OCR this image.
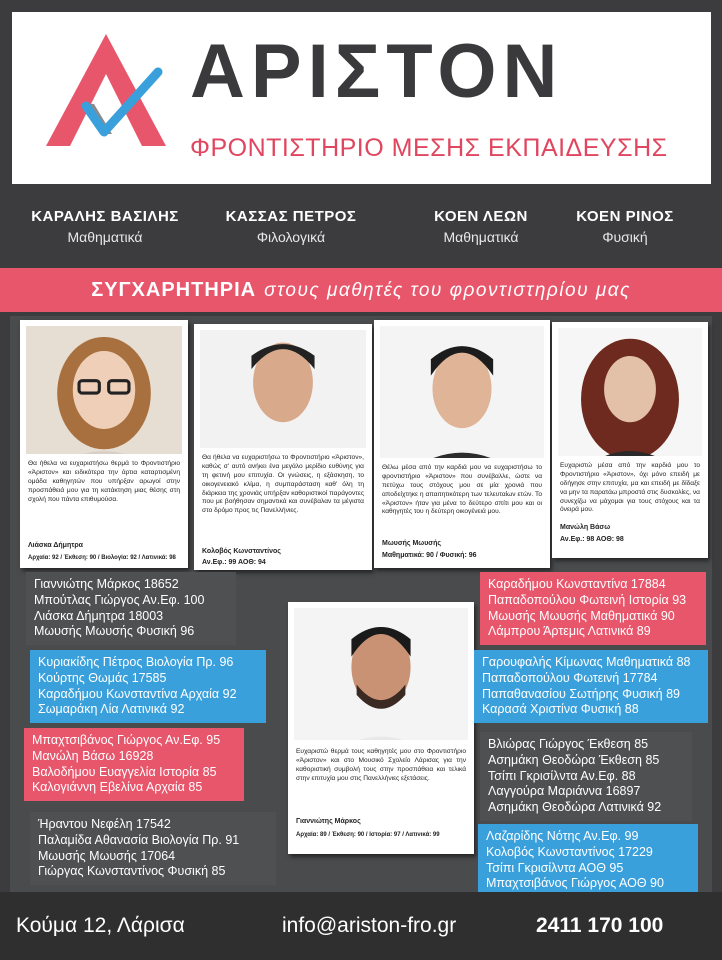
ΑΡΙΣΤΟΝ
ΦΡΟΝΤΙΣΤΗΡΙΟ ΜΕΣΗΣ ΕΚΠΑΙΔΕΥΣΗΣ
ΚΑΡΑΛΗΣ ΒΑΣΙΛΗΣ
Μαθηματικά
ΚΑΣΣΑΣ ΠΕΤΡΟΣ
Φιλολογικά
ΚΟΕΝ ΛΕΩΝ
Μαθηματικά
ΚΟΕΝ ΡΙΝΟΣ
Φυσική
ΣΥΓΧΑΡΗΤΗΡΙΑ στους μαθητές του φροντιστηρίου μας
Θα ήθελα να ευχαριστήσω θερμά το Φροντιστήριο «Άριστον» και ειδικότερα την άρτια καταρτισμένη ομάδα καθηγητών που υπήρξαν αρωγοί στην προσπάθειά μου για τη κατάκτηση μιας θέσης στη σχολή που πάντα επιθυμούσα.
Λιάσκα Δήμητρα
Αρχαία: 92 / Έκθεση: 90 / Βιολογία: 92 / Λατινικά: 98
Θα ήθελα να ευχαριστήσω το Φροντιστήριο «Άριστον», καθώς σ' αυτό ανήκει ένα μεγάλο μερίδιο ευθύνης για τη φετινή μου επιτυχία. Οι γνώσεις, η εξάσκηση, το οικογενειακό κλίμα, η συμπαράσταση καθ' όλη τη διάρκεια της χρονιάς υπήρξαν καθοριστικοί παράγοντες που με βοήθησαν σημαντικά και συνέβαλαν τα μέγιστα στο δρόμο προς τις Πανελλήνιες.
Κολοβός Κωνσταντίνος
Αν.Εφ.: 99 ΑΟΘ: 94
Θέλω μέσα από την καρδιά μου να ευχαριστήσω το φροντιστήριο «Άριστον» που συνέβαλλε, ώστε να πετύχω τους στόχους μου σε μία χρονιά που αποδείχτηκε η απαιτητικότερη των τελευταίων ετών. Το «Άριστον» ήταν για μένα το δεύτερο σπίτι μου και οι καθηγητές του η δεύτερη οικογένειά μου.
Μωυσής Μωυσής
Μαθηματικά: 90 / Φυσική: 96
Ευχαριστώ μέσα από την καρδιά μου το Φροντιστήριο «Άριστον», όχι μόνο επειδή με οδήγησε στην επιτυχία, μα και επειδή με δίδαξε να μην τα παρατάω μπροστά στις δυσκολίες, να συνεχίζω να μάχομαι για τους στόχους και τα όνειρά μου.
Μανώλη Βάσω
Αν.Εφ.: 98 ΑΟΘ: 98
Ευχαριστώ θερμά τους καθηγητές μου στο Φροντιστήριο «Άριστον» και στο Μουσικό Σχολείο Λάρισας για την καθοριστική συμβολή τους στην προσπάθεια και τελικά στην επιτυχία μου στις Πανελλήνιες εξετάσεις.
Γιαννιώτης Μάρκος
Αρχαία: 89 / Έκθεση: 90 / Ιστορία: 97 / Λατινικά: 99
Γιαννιώτης Μάρκος 18652
Μπούτλας Γιώργος Αν.Εφ. 100
Λιάσκα Δήμητρα 18003
Μωυσής Μωυσής Φυσική 96
Κυριακίδης Πέτρος Βιολογία Πρ. 96
Κούρτης Θωμάς 17585
Καραδήμου Κωνσταντίνα Αρχαία 92
Σωμαράκη Λία Λατινικά 92
Μπαχτσιβάνος Γιώργος Αν.Εφ. 95
Μανώλη Βάσω 16928
Βαλοδήμου Ευαγγελία Ιστορία 85
Καλογιάννη Εβελίνα Αρχαία 85
Ήραντου Νεφέλη 17542
Παλαμίδα Αθανασία Βιολογία Πρ. 91
Μωυσής Μωυσής 17064
Γιώργας Κωνσταντίνος Φυσική 85
Καραδήμου Κωνσταντίνα 17884
Παπαδοπούλου Φωτεινή Ιστορία 93
Μωυσής Μωυσής Μαθηματικά 90
Λάμπρου Άρτεμις Λατινικά 89
Γαρουφαλής Κίμωνας Μαθηματικά 88
Παπαδοπούλου Φωτεινή 17784
Παπαθανασίου Σωτήρης Φυσική 89
Καρασά Χριστίνα Φυσική 88
Βλιώρας Γιώργος Έκθεση 85
Ασημάκη Θεοδώρα Έκθεση 85
Τσίπι Γκρισίλντα Αν.Εφ. 88
Λαγγούρα Μαριάννα 16897
Ασημάκη Θεοδώρα Λατινικά 92
Λαζαρίδης Νότης Αν.Εφ. 99
Κολοβός Κωνσταντίνος 17229
Τσίπι Γκρισίλντα ΑΟΘ 95
Μπαχτσιβάνος Γιώργος ΑΟΘ 90
Κούμα 12, Λάρισα	info@ariston-fro.gr	2411 170 100
